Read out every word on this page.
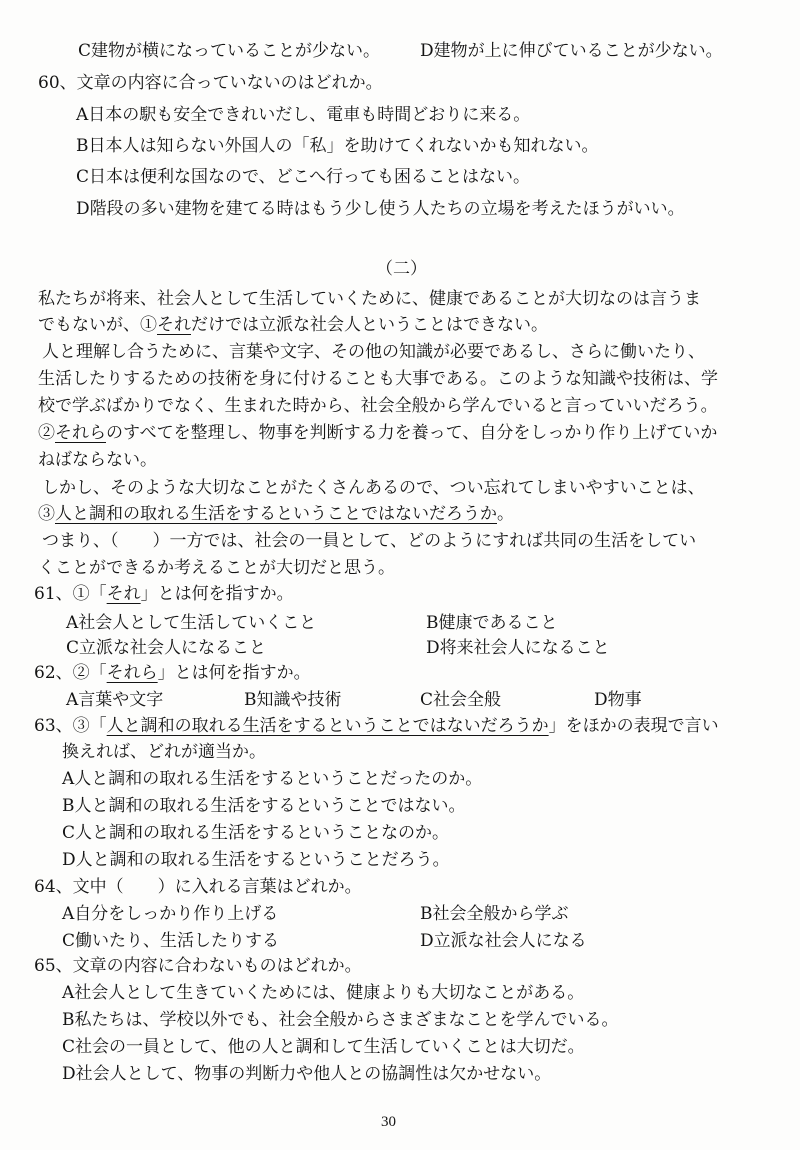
C建物が横になっていることが少ない。 D建物が上に伸びていることが少ない。
60、文章の内容に合っていないのはどれか。
A日本の駅も安全できれいだし、電車も時間どおりに来る。
B日本人は知らない外国人の「私」を助けてくれないかも知れない。
C日本は便利な国なので、どこへ行っても困ることはない。
D階段の多い建物を建てる時はもう少し使う人たちの立場を考えたほうがいい。
（二）
私たちが将来、社会人として生活していくために、健康であることが大切なのは言うま
でもないが、①それだけでは立派な社会人ということはできない。
人と理解し合うために、言葉や文字、その他の知識が必要であるし、さらに働いたり、
生活したりするための技術を身に付けることも大事である。このような知識や技術は、学
校で学ぶばかりでなく、生まれた時から、社会全般から学んでいると言っていいだろう。
②それらのすべてを整理し、物事を判断する力を養って、自分をしっかり作り上げていか
ねばならない。
しかし、そのような大切なことがたくさんあるので、つい忘れてしまいやすいことは、
③人と調和の取れる生活をするということではないだろうか。
つまり、（　　）一方では、社会の一員として、どのようにすれば共同の生活をしてい
くことができるか考えることが大切だと思う。
61、①「それ」とは何を指すか。
A社会人として生活していくこと	B健康であること
C立派な社会人になること	D将来社会人になること
62、②「それら」とは何を指すか。
A言葉や文字	B知識や技術	C社会全般	D物事
63、③「人と調和の取れる生活をするということではないだろうか」をほかの表現で言い
換えれば、どれが適当か。
A人と調和の取れる生活をするということだったのか。
B人と調和の取れる生活をするということではない。
C人と調和の取れる生活をするということなのか。
D人と調和の取れる生活をするということだろう。
64、文中（　　）に入れる言葉はどれか。
A自分をしっかり作り上げる	B社会全般から学ぶ
C働いたり、生活したりする	D立派な社会人になる
65、文章の内容に合わないものはどれか。
A社会人として生きていくためには、健康よりも大切なことがある。
B私たちは、学校以外でも、社会全般からさまざまなことを学んでいる。
C社会の一員として、他の人と調和して生活していくことは大切だ。
D社会人として、物事の判断力や他人との協調性は欠かせない。
30
